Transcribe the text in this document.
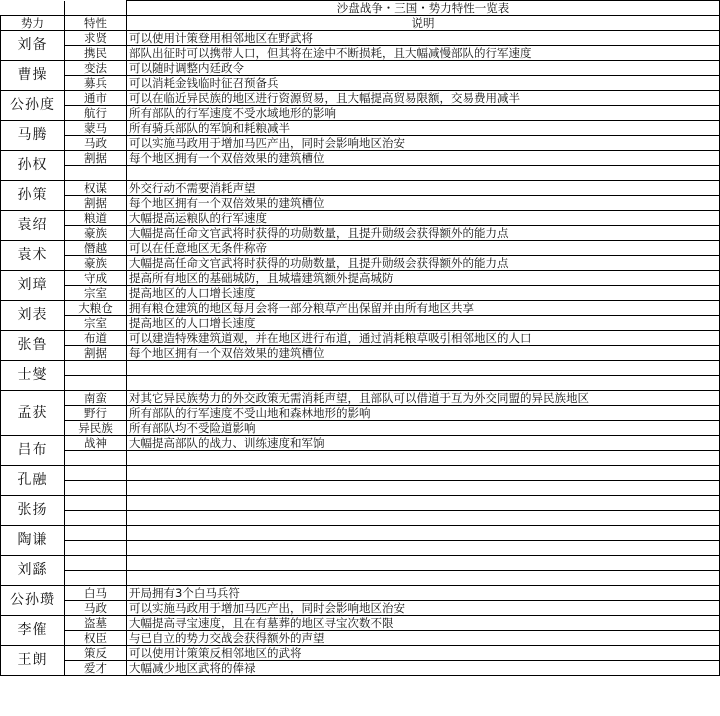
		沙盘战争・三国・势力特性一览表
势力	特性	说明
刘备	求贤	可以使用计策登用相邻地区在野武将
	携民	部队出征时可以携带人口，但其将在途中不断损耗，且大幅减慢部队的行军速度
曹操	变法	可以随时调整内廷政令
	募兵	可以消耗金钱临时征召预备兵
公孙度	通市	可以在临近异民族的地区进行资源贸易，且大幅提高贸易限额，交易费用减半
	航行	所有部队的行军速度不受水域地形的影响
马腾	蒙马	所有骑兵部队的军饷和耗粮减半
	马政	可以实施马政用于增加马匹产出，同时会影响地区治安
孙权	割据	每个地区拥有一个双倍效果的建筑槽位

孙策	权谋	外交行动不需要消耗声望
	割据	每个地区拥有一个双倍效果的建筑槽位
袁绍	粮道	大幅提高运粮队的行军速度
	豪族	大幅提高任命文官武将时获得的功勋数量，且提升勋级会获得额外的能力点
袁术	僭越	可以在任意地区无条件称帝
	豪族	大幅提高任命文官武将时获得的功勋数量，且提升勋级会获得额外的能力点
刘璋	守成	提高所有地区的基础城防，且城墙建筑额外提高城防
	宗室	提高地区的人口增长速度
刘表	大粮仓	拥有粮仓建筑的地区每月会将一部分粮草产出保留并由所有地区共享
	宗室	提高地区的人口增长速度
张鲁	布道	可以建造特殊建筑道观，并在地区进行布道，通过消耗粮草吸引相邻地区的人口
	割据	每个地区拥有一个双倍效果的建筑槽位
士燮		

孟获	南蛮	对其它异民族势力的外交政策无需消耗声望，且部队可以借道于互为外交同盟的异民族地区
	野行	所有部队的行军速度不受山地和森林地形的影响
	异民族	所有部队均不受险道影响
吕布	战神	大幅提高部队的战力、训练速度和军饷

孔融		

张扬		

陶谦		

刘繇		

公孙瓒	白马	开局拥有3个白马兵符
	马政	可以实施马政用于增加马匹产出，同时会影响地区治安
李傕	盗墓	大幅提高寻宝速度，且在有墓葬的地区寻宝次数不限
	权臣	与已自立的势力交战会获得额外的声望
王朗	策反	可以使用计策策反相邻地区的武将
	爱才	大幅减少地区武将的俸禄
